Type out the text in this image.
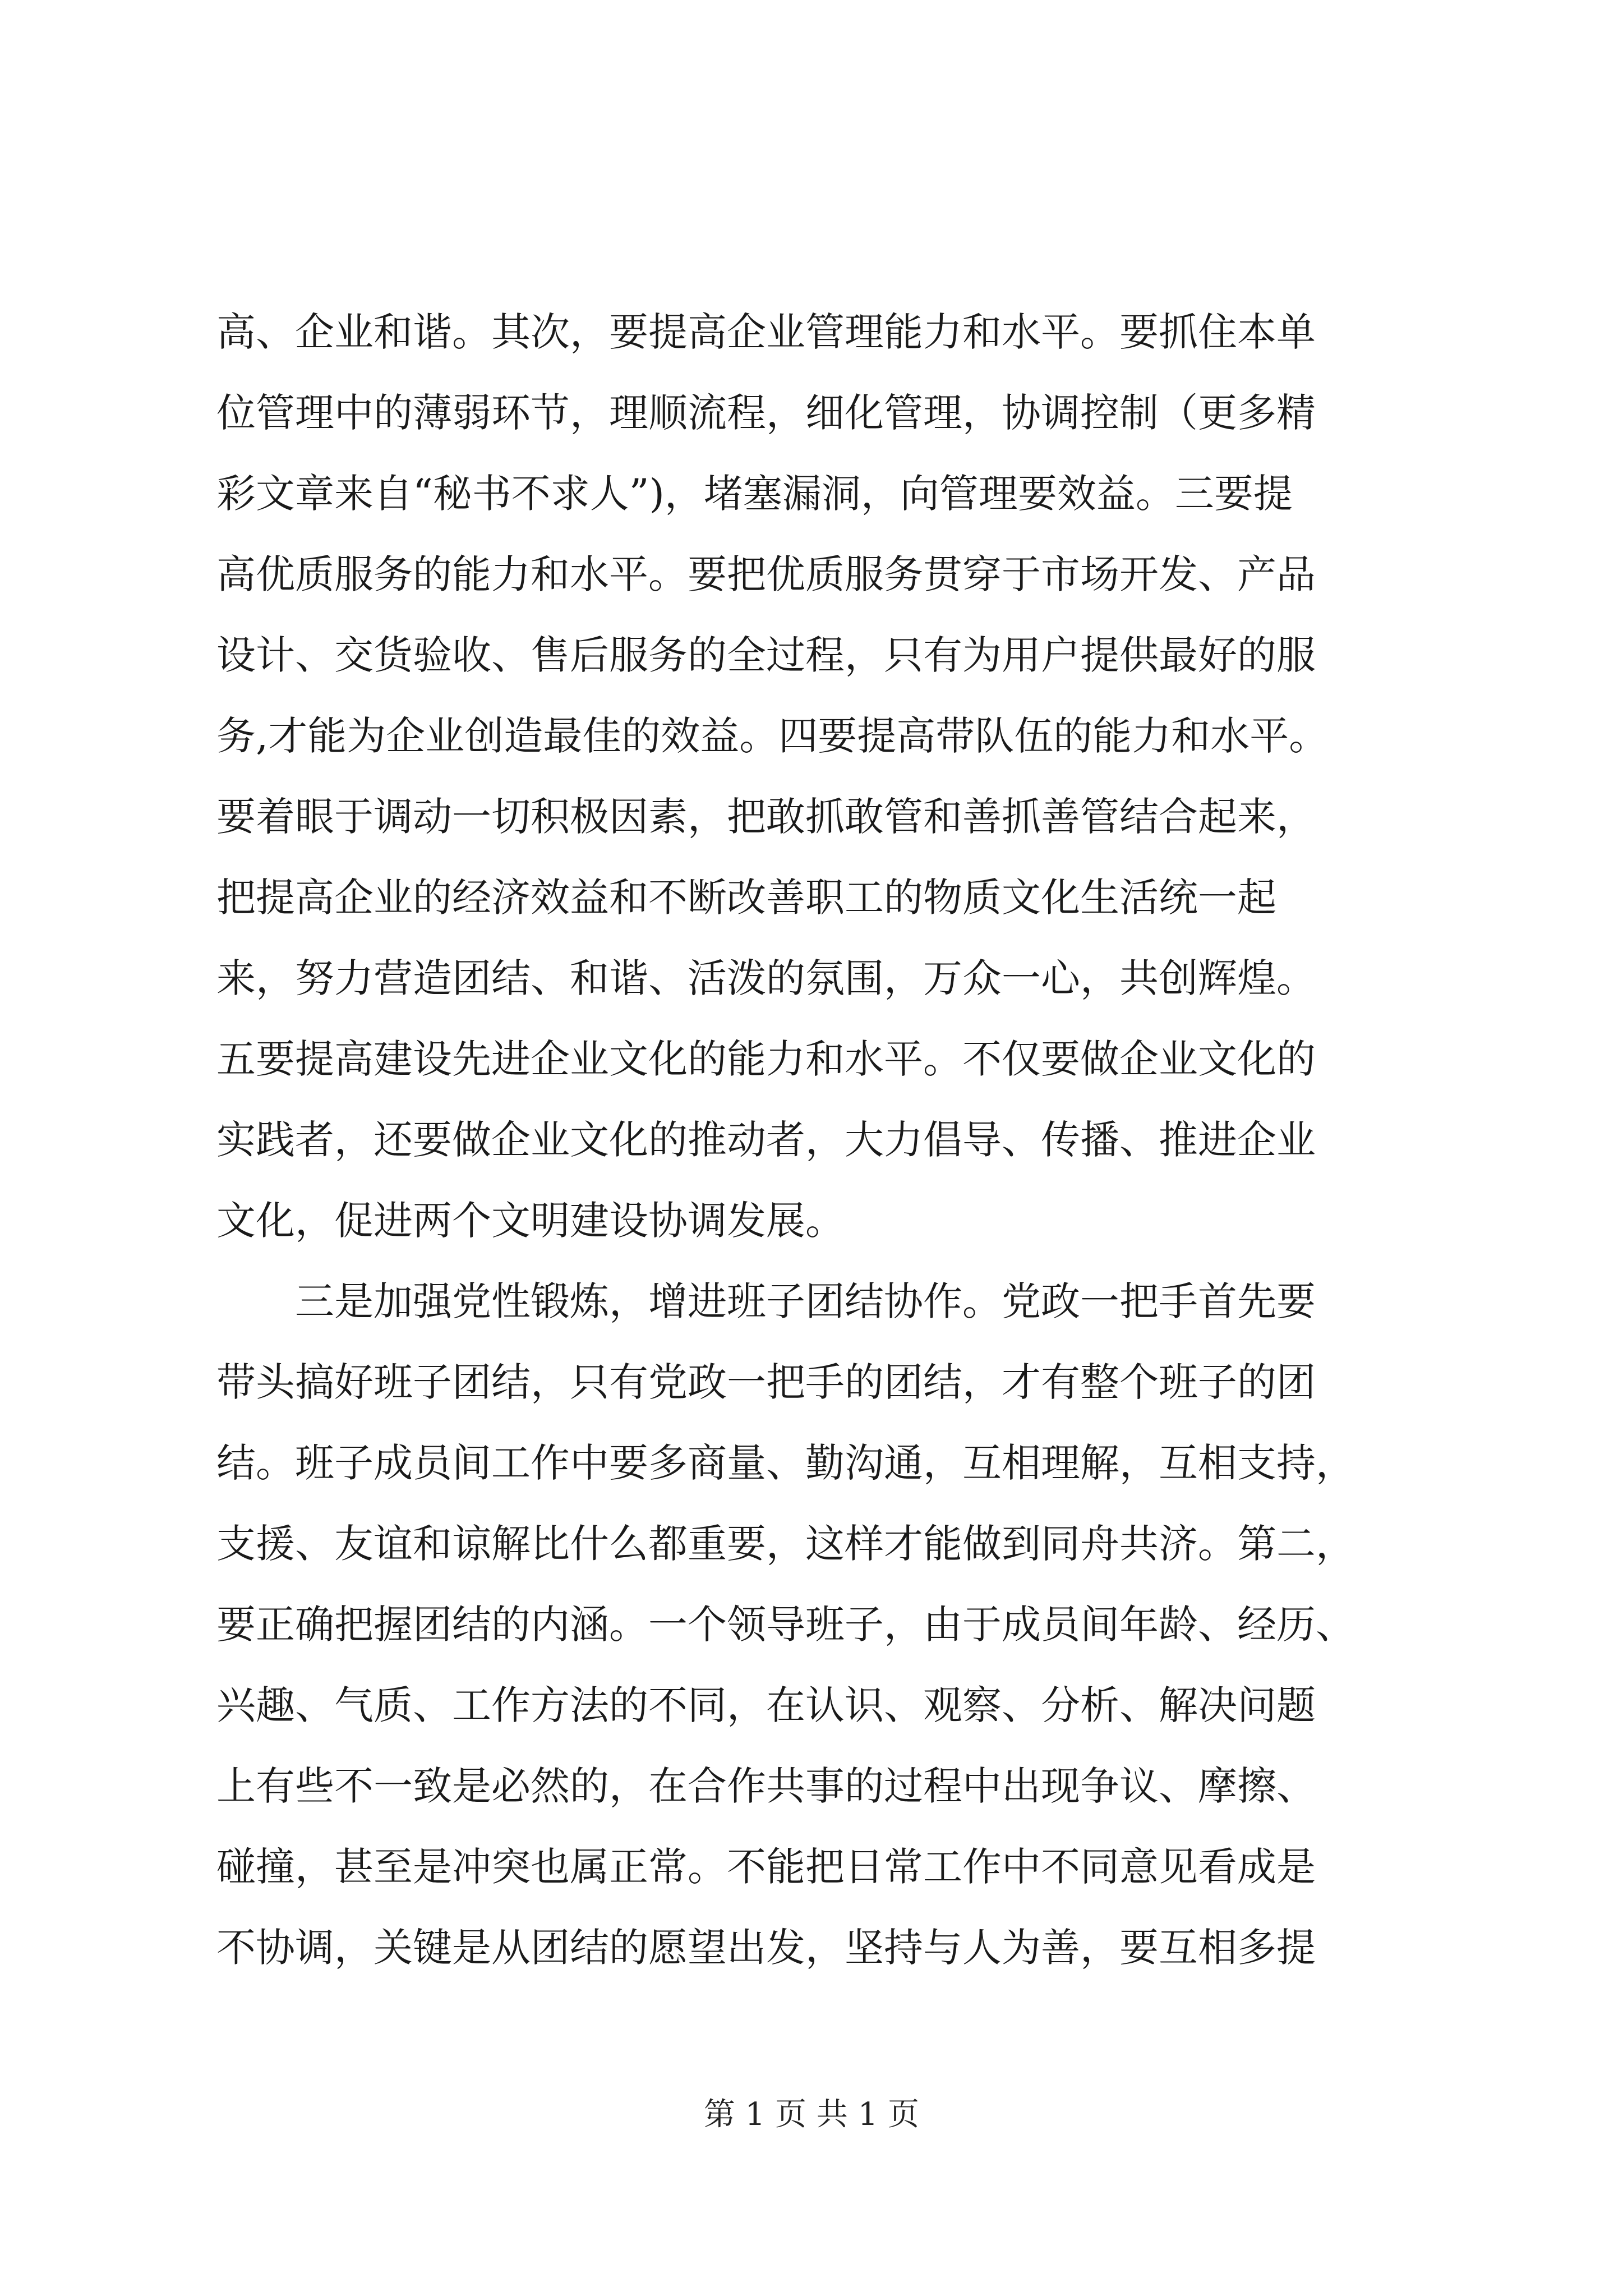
高、企业和谐。其次，要提高企业管理能力和水平。要抓住本单
位管理中的薄弱环节，理顺流程，细化管理，协调控制（更多精
彩文章来自“秘书不求人”)，堵塞漏洞，向管理要效益。三要提
高优质服务的能力和水平。要把优质服务贯穿于市场开发、产品
设计、交货验收、售后服务的全过程，只有为用户提供最好的服
务,才能为企业创造最佳的效益。四要提高带队伍的能力和水平。
要着眼于调动一切积极因素，把敢抓敢管和善抓善管结合起来，
把提高企业的经济效益和不断改善职工的物质文化生活统一起
来，努力营造团结、和谐、活泼的氛围，万众一心，共创辉煌。
五要提高建设先进企业文化的能力和水平。不仅要做企业文化的
实践者，还要做企业文化的推动者，大力倡导、传播、推进企业
文化，促进两个文明建设协调发展。
三是加强党性锻炼，增进班子团结协作。党政一把手首先要
带头搞好班子团结，只有党政一把手的团结，才有整个班子的团
结。班子成员间工作中要多商量、勤沟通，互相理解，互相支持，
支援、友谊和谅解比什么都重要，这样才能做到同舟共济。第二，
要正确把握团结的内涵。一个领导班子，由于成员间年龄、经历、
兴趣、气质、工作方法的不同，在认识、观察、分析、解决问题
上有些不一致是必然的，在合作共事的过程中出现争议、摩擦、
碰撞，甚至是冲突也属正常。不能把日常工作中不同意见看成是
不协调，关键是从团结的愿望出发，坚持与人为善，要互相多提
第 1 页 共 1 页
